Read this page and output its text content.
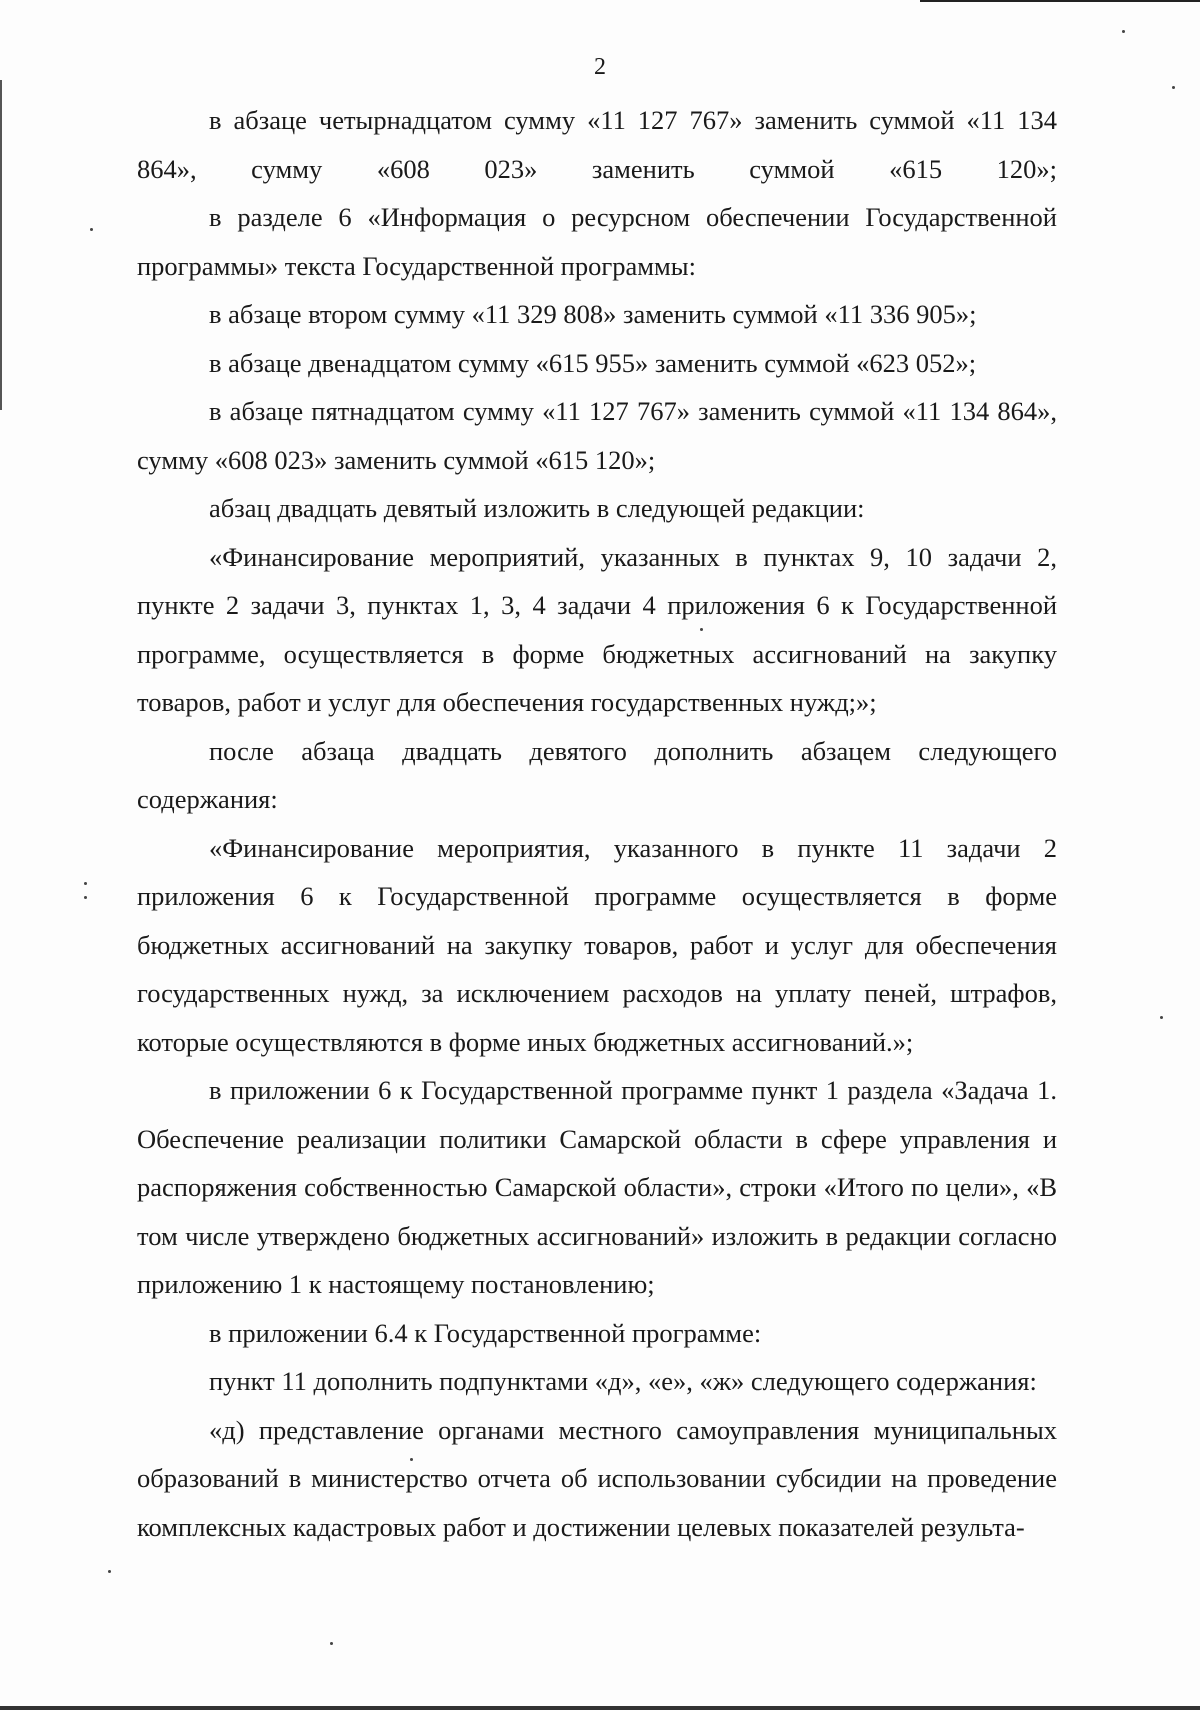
2

в абзаце четырнадцатом сумму «11 127 767» заменить суммой «11 134 864», сумму «608 023» заменить суммой «615 120»;

в разделе 6 «Информация о ресурсном обеспечении Государственной программы» текста Государственной программы:

в абзаце втором сумму «11 329 808» заменить суммой «11 336 905»;

в абзаце двенадцатом сумму «615 955» заменить суммой «623 052»;

в абзаце пятнадцатом сумму «11 127 767» заменить суммой «11 134 864», сумму «608 023» заменить суммой «615 120»;

абзац двадцать девятый изложить в следующей редакции:

«Финансирование мероприятий, указанных в пунктах 9, 10 задачи 2, пункте 2 задачи 3, пунктах 1, 3, 4 задачи 4 приложения 6 к Государственной программе, осуществляется в форме бюджетных ассигнований на закупку товаров, работ и услуг для обеспечения государственных нужд;»;

после абзаца двадцать девятого дополнить абзацем следующего содержания:

«Финансирование мероприятия, указанного в пункте 11 задачи 2 приложения 6 к Государственной программе осуществляется в форме бюджетных ассигнований на закупку товаров, работ и услуг для обеспечения государственных нужд, за исключением расходов на уплату пеней, штрафов, которые осуществляются в форме иных бюджетных ассигнований.»;

в приложении 6 к Государственной программе пункт 1 раздела «Задача 1. Обеспечение реализации политики Самарской области в сфере управления и распоряжения собственностью Самарской области», строки «Итого по цели», «В том числе утверждено бюджетных ассигнований» изложить в редакции согласно приложению 1 к настоящему постановлению;

в приложении 6.4 к Государственной программе:

пункт 11 дополнить подпунктами «д», «е», «ж» следующего содержания:

«д) представление органами местного самоуправления муниципальных образований в министерство отчета об использовании субсидии на проведение комплексных кадастровых работ и достижении целевых показателей результа-
